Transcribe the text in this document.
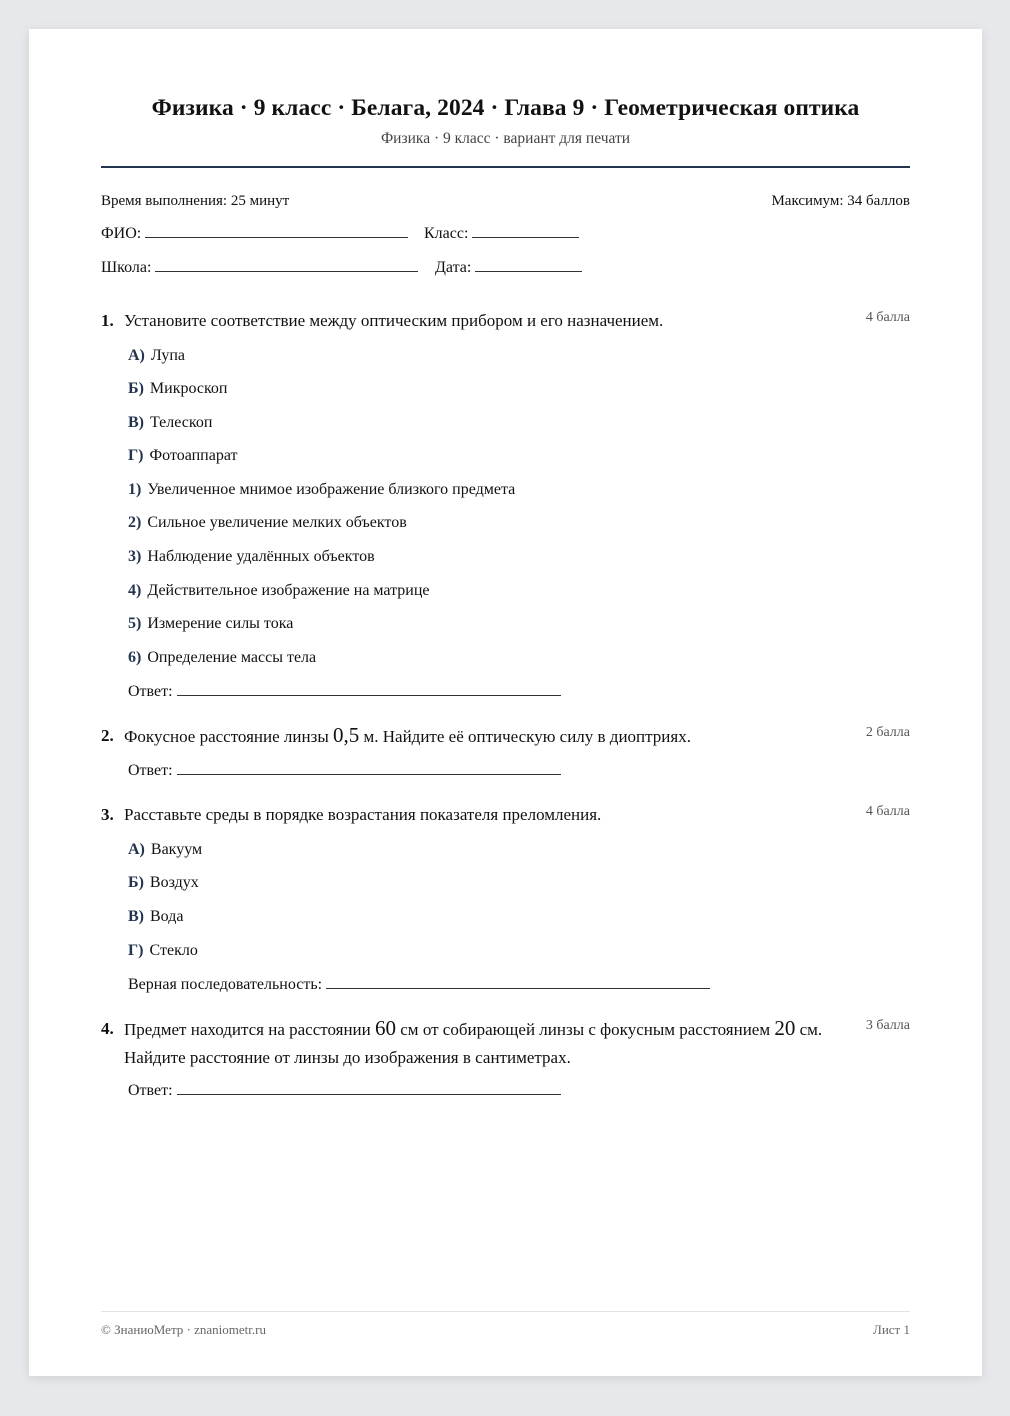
Физика · 9 класс · Белага, 2024 · Глава 9 · Геометрическая оптика
Физика · 9 класс · вариант для печати
Время выполнения: 25 минут	Максимум: 34 баллов
ФИО:	Класс:
Школа:	Дата:
1. Установите соответствие между оптическим прибором и его назначением.	4 балла
А) Лупа
Б) Микроскоп
В) Телескоп
Г) Фотоаппарат
1) Увеличенное мнимое изображение близкого предмета
2) Сильное увеличение мелких объектов
3) Наблюдение удалённых объектов
4) Действительное изображение на матрице
5) Измерение силы тока
6) Определение массы тела
Ответ:
2. Фокусное расстояние линзы 0,5 м. Найдите её оптическую силу в диоптриях.	2 балла
Ответ:
3. Расставьте среды в порядке возрастания показателя преломления.	4 балла
А) Вакуум
Б) Воздух
В) Вода
Г) Стекло
Верная последовательность:
4. Предмет находится на расстоянии 60 см от собирающей линзы с фокусным расстоянием 20 см. Найдите расстояние от линзы до изображения в сантиметрах.
3 балла
Ответ:
© ЗнаниоМетр · znaniometr.ru	Лист 1
